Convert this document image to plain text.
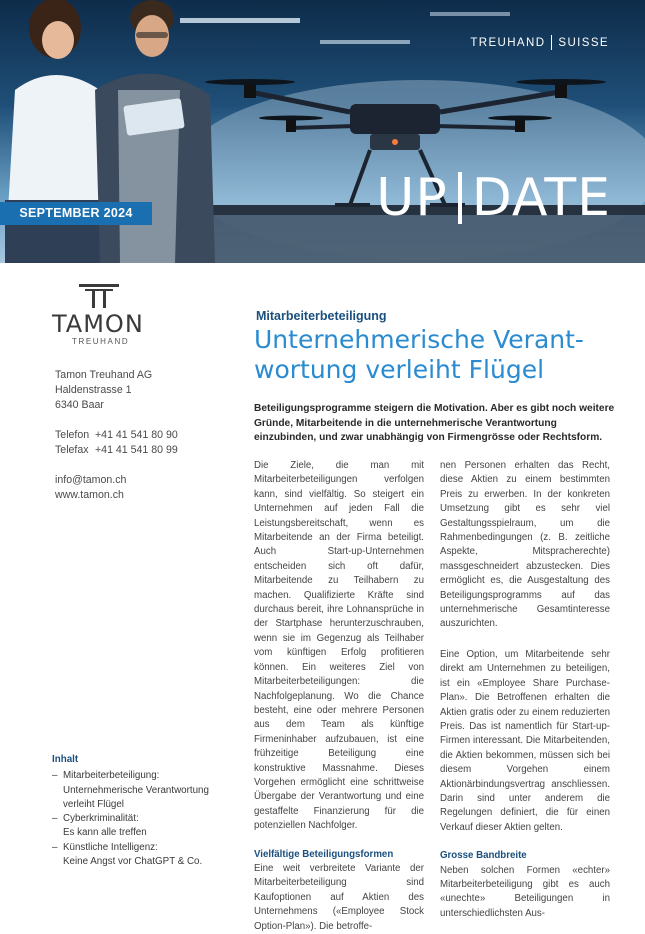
TREUHAND SUISSE
UP DATE
SEPTEMBER 2024
TAMON
TREUHAND
Tamon Treuhand AG
Haldenstrasse 1
6340 Baar
Telefon +41 41 541 80 90
Telefax +41 41 541 80 99
info@tamon.ch
www.tamon.ch
Inhalt
– Mitarbeiterbeteiligung:
Unternehmerische Verantwortung
verleiht Flügel
– Cyberkriminalität:
Es kann alle treffen
– Künstliche Intelligenz:
Keine Angst vor ChatGPT & Co.
Mitarbeiterbeteiligung
Unternehmerische Verant-
wortung verleiht Flügel
Beteiligungsprogramme steigern die Motivation. Aber es gibt noch weitere Gründe, Mitarbeitende in die unternehmerische Verantwortung einzubinden, und zwar unabhängig von Firmengrösse oder Rechtsform.

Die Ziele, die man mit Mitarbeiterbeteiligungen verfolgen kann, sind vielfältig. So steigert ein Unternehmen auf jeden Fall die Leistungsbereitschaft, wenn es Mitarbeitende an der Firma beteiligt. Auch Start-up-Unternehmen entscheiden sich oft dafür, Mitarbeitende zu Teilhabern zu machen. Qualifizierte Kräfte sind durchaus bereit, ihre Lohnansprüche in der Startphase herunterzuschrauben, wenn sie im Gegenzug als Teilhaber vom künftigen Erfolg profitieren können. Ein weiteres Ziel von Mitarbeiterbeteiligungen: die Nachfolgeplanung. Wo die Chance besteht, eine oder mehrere Personen aus dem Team als künftige Firmeninhaber aufzubauen, ist eine frühzeitige Beteiligung eine konstruktive Massnahme. Dieses Vorgehen ermöglicht eine schrittweise Übergabe der Verantwortung und eine gestaffelte Finanzierung für die potenziellen Nachfolger.

Vielfältige Beteiligungsformen

Eine weit verbreitete Variante der Mitarbeiterbeteiligung sind Kaufoptionen auf Aktien des Unternehmens («Employee Stock Option-Plan»). Die betroffe-

nen Personen erhalten das Recht, diese Aktien zu einem bestimmten Preis zu erwerben. In der konkreten Umsetzung gibt es sehr viel Gestaltungsspielraum, um die Rahmenbedingungen (z. B. zeitliche Aspekte, Mitspracherechte) massgeschneidert abzustecken. Dies ermöglicht es, die Ausgestaltung des Beteiligungsprogramms auf das unternehmerische Gesamtinteresse auszurichten.

Eine Option, um Mitarbeitende sehr direkt am Unternehmen zu beteiligen, ist ein «Employee Share Purchase-Plan». Die Betroffenen erhalten die Aktien gratis oder zu einem reduzierten Preis. Das ist namentlich für Start-up-Firmen interessant. Die Mitarbeitenden, die Aktien bekommen, müssen sich bei diesem Vorgehen einem Aktionärbindungsvertrag anschliessen. Darin sind unter anderem die Regelungen definiert, die für einen Verkauf dieser Aktien gelten.

Grosse Bandbreite

Neben solchen Formen «echter» Mitarbeiterbeteiligung gibt es auch «unechte» Beteiligungen in unterschiedlichsten Aus-
